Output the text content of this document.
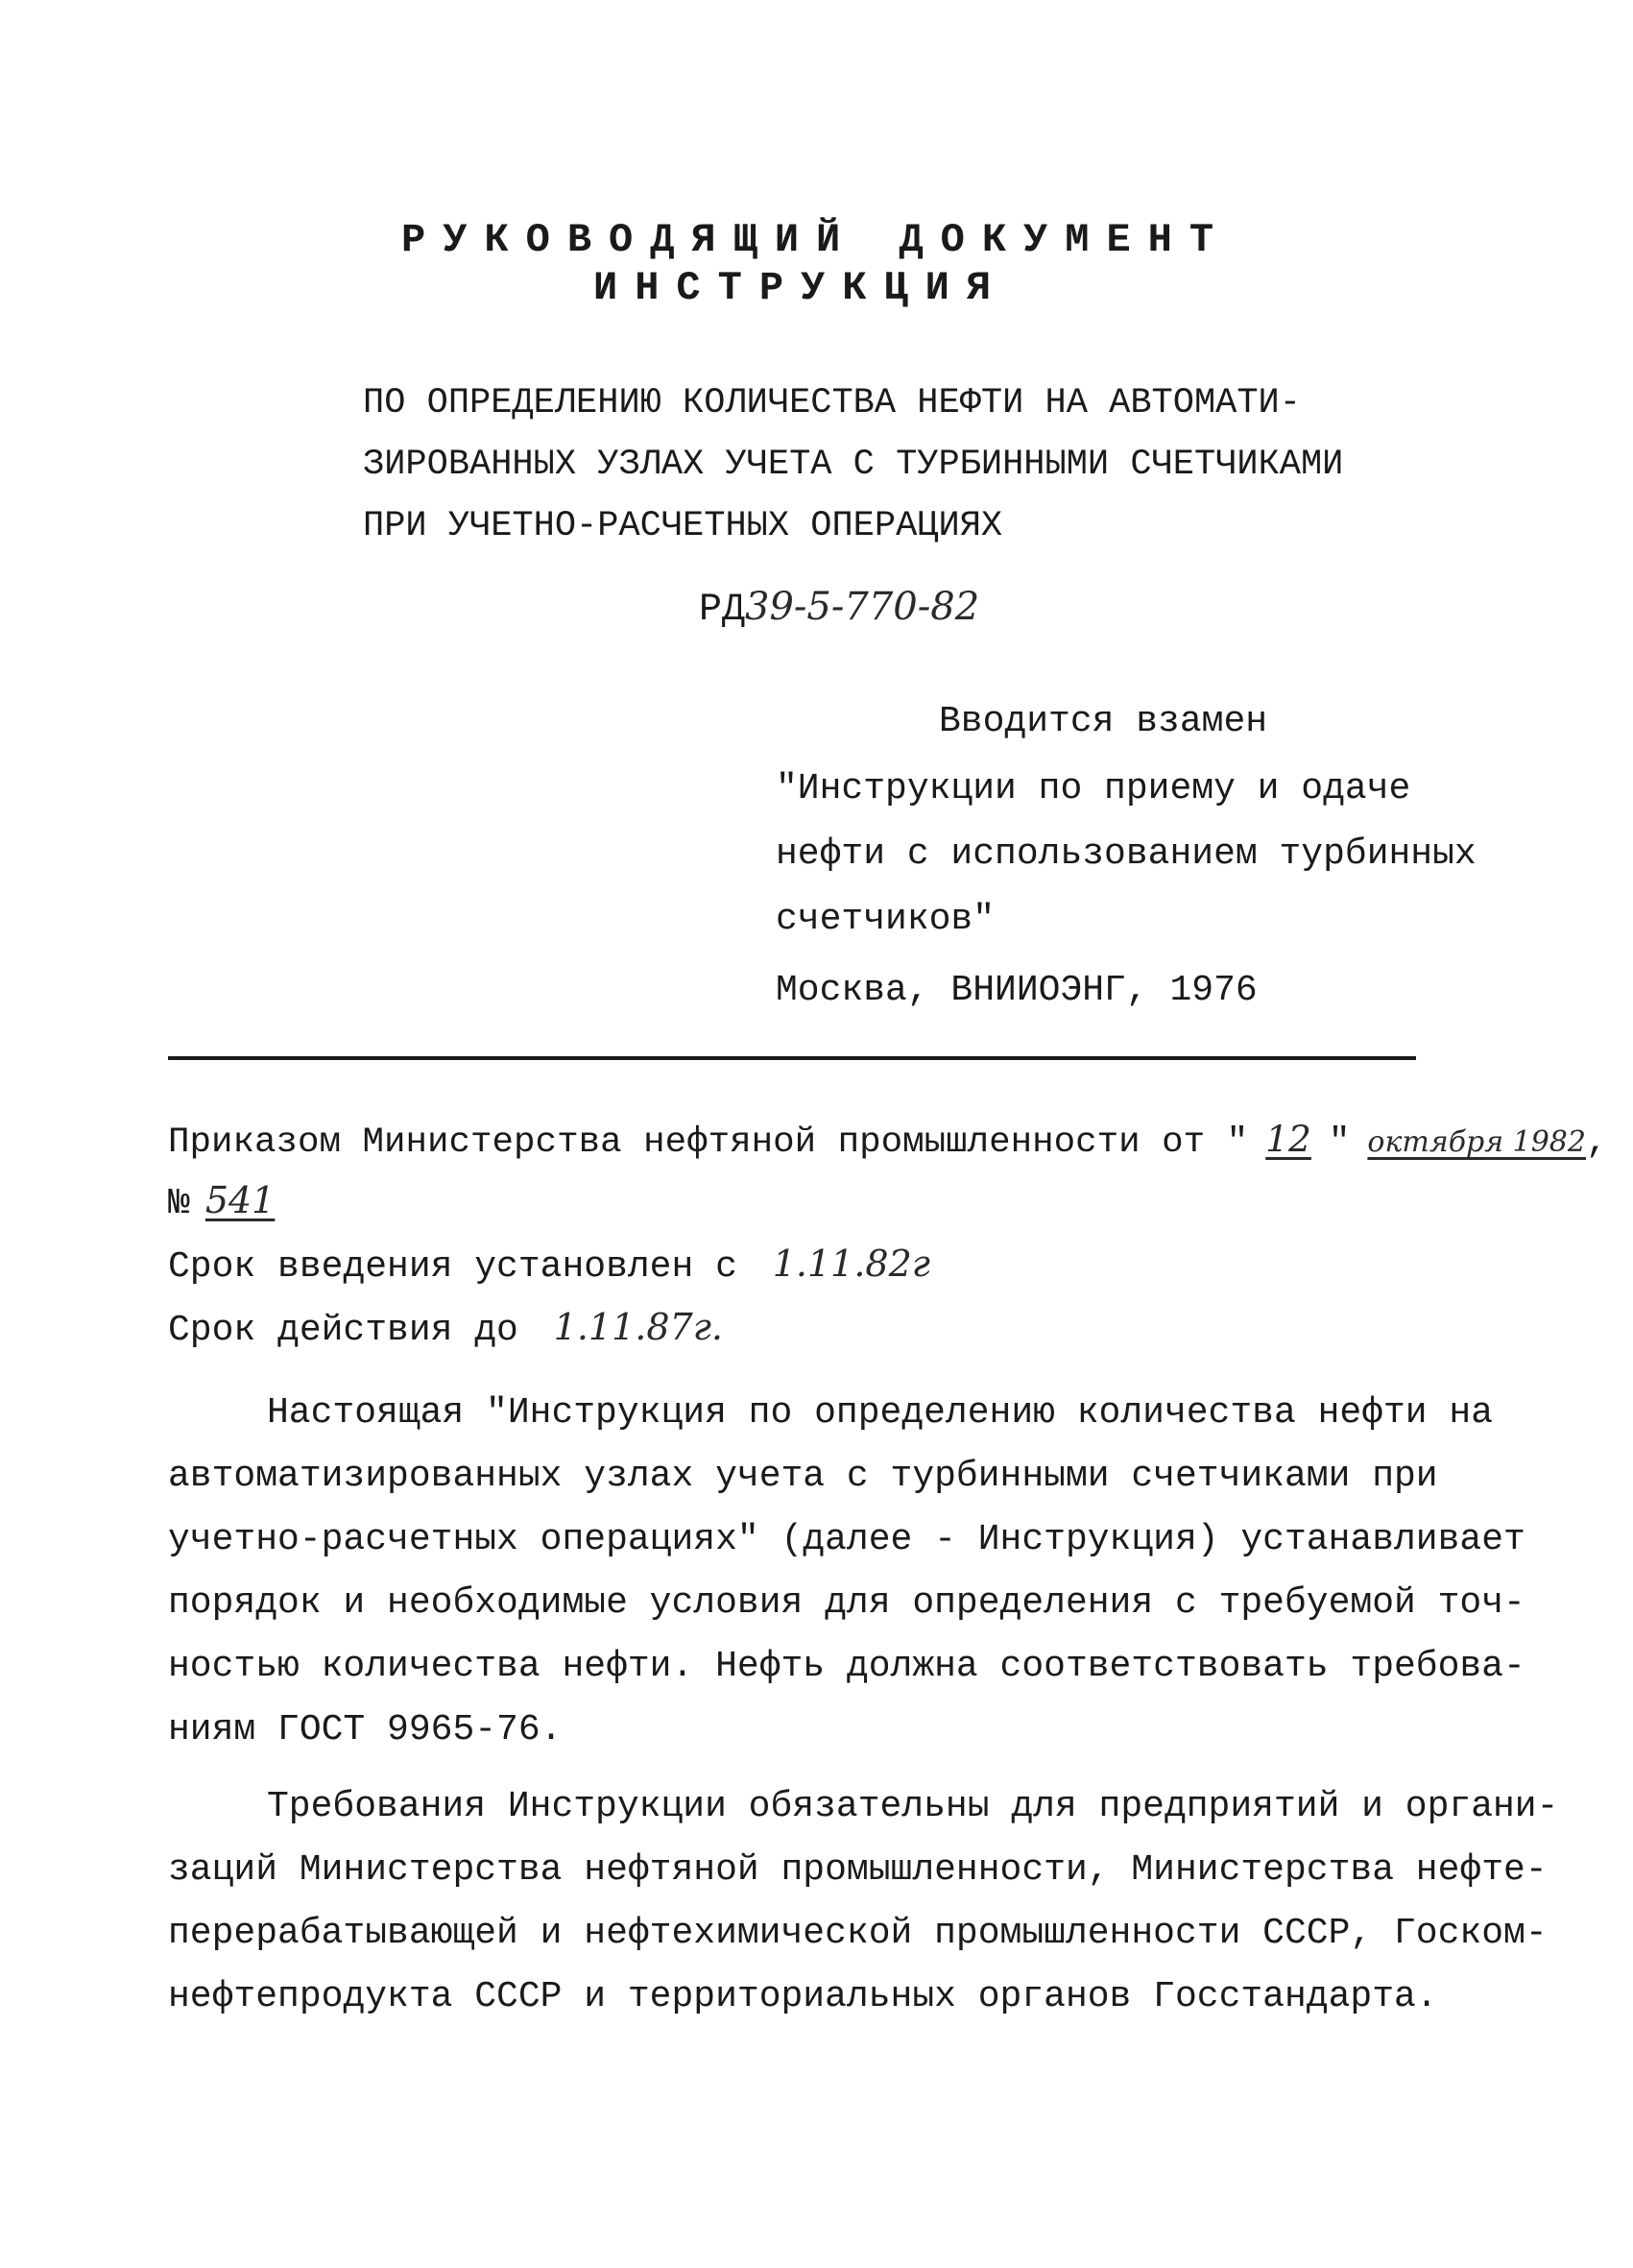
РУКОВОДЯЩИЙ ДОКУМЕНТ
ИНСТРУКЦИЯ
ПО ОПРЕДЕЛЕНИЮ КОЛИЧЕСТВА НЕФТИ НА АВТОМАТИ-
ЗИРОВАННЫХ УЗЛАХ УЧЕТА С ТУРБИННЫМИ СЧЕТЧИКАМИ
ПРИ УЧЕТНО-РАСЧЕТНЫХ ОПЕРАЦИЯХ
РД39-5-770-82
Вводится взамен
"Инструкции по приему и одаче
нефти с использованием турбинных
счетчиков"
Москва, ВНИИОЭНГ, 1976
Приказом Министерства нефтяной промышленности от " 12 " октября 1982,
№ 541
Срок введения установлен с 1.11.82г
Срок действия до 1.11.87г.
Настоящая "Инструкция по определению количества нефти на
автоматизированных узлах учета с турбинными счетчиками при
учетно-расчетных операциях" (далее - Инструкция) устанавливает
порядок и необходимые условия для определения с требуемой точ-
ностью количества нефти. Нефть должна соответствовать требова-
ниям ГОСТ 9965-76.
Требования Инструкции обязательны для предприятий и органи-
заций Министерства нефтяной промышленности, Министерства нефте-
перерабатывающей и нефтехимической промышленности СССР, Госком-
нефтепродукта СССР и территориальных органов Госстандарта.
